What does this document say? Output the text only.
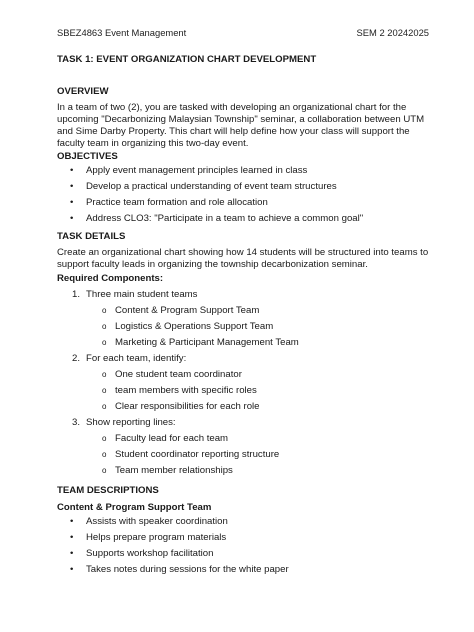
SBEZ4863 Event Management	SEM 2 20242025
TASK 1: EVENT ORGANIZATION CHART DEVELOPMENT
OVERVIEW

In a team of two (2), you are tasked with developing an organizational chart for the upcoming "Decarbonizing Malaysian Township" seminar, a collaboration between UTM and Sime Darby Property. This chart will help define how your class will support the faculty team in organizing this two-day event.

OBJECTIVES
• Apply event management principles learned in class
• Develop a practical understanding of event team structures
• Practice team formation and role allocation
• Address CLO3: "Participate in a team to achieve a common goal"
TASK DETAILS

Create an organizational chart showing how 14 students will be structured into teams to support faculty leads in organizing the township decarbonization seminar.

Required Components:
1. Three main student teams
o Content & Program Support Team
o Logistics & Operations Support Team
o Marketing & Participant Management Team
2. For each team, identify:
o One student team coordinator
o team members with specific roles
o Clear responsibilities for each role
3. Show reporting lines:
o Faculty lead for each team
o Student coordinator reporting structure
o Team member relationships
TEAM DESCRIPTIONS
Content & Program Support Team
• Assists with speaker coordination
• Helps prepare program materials
• Supports workshop facilitation
• Takes notes during sessions for the white paper
